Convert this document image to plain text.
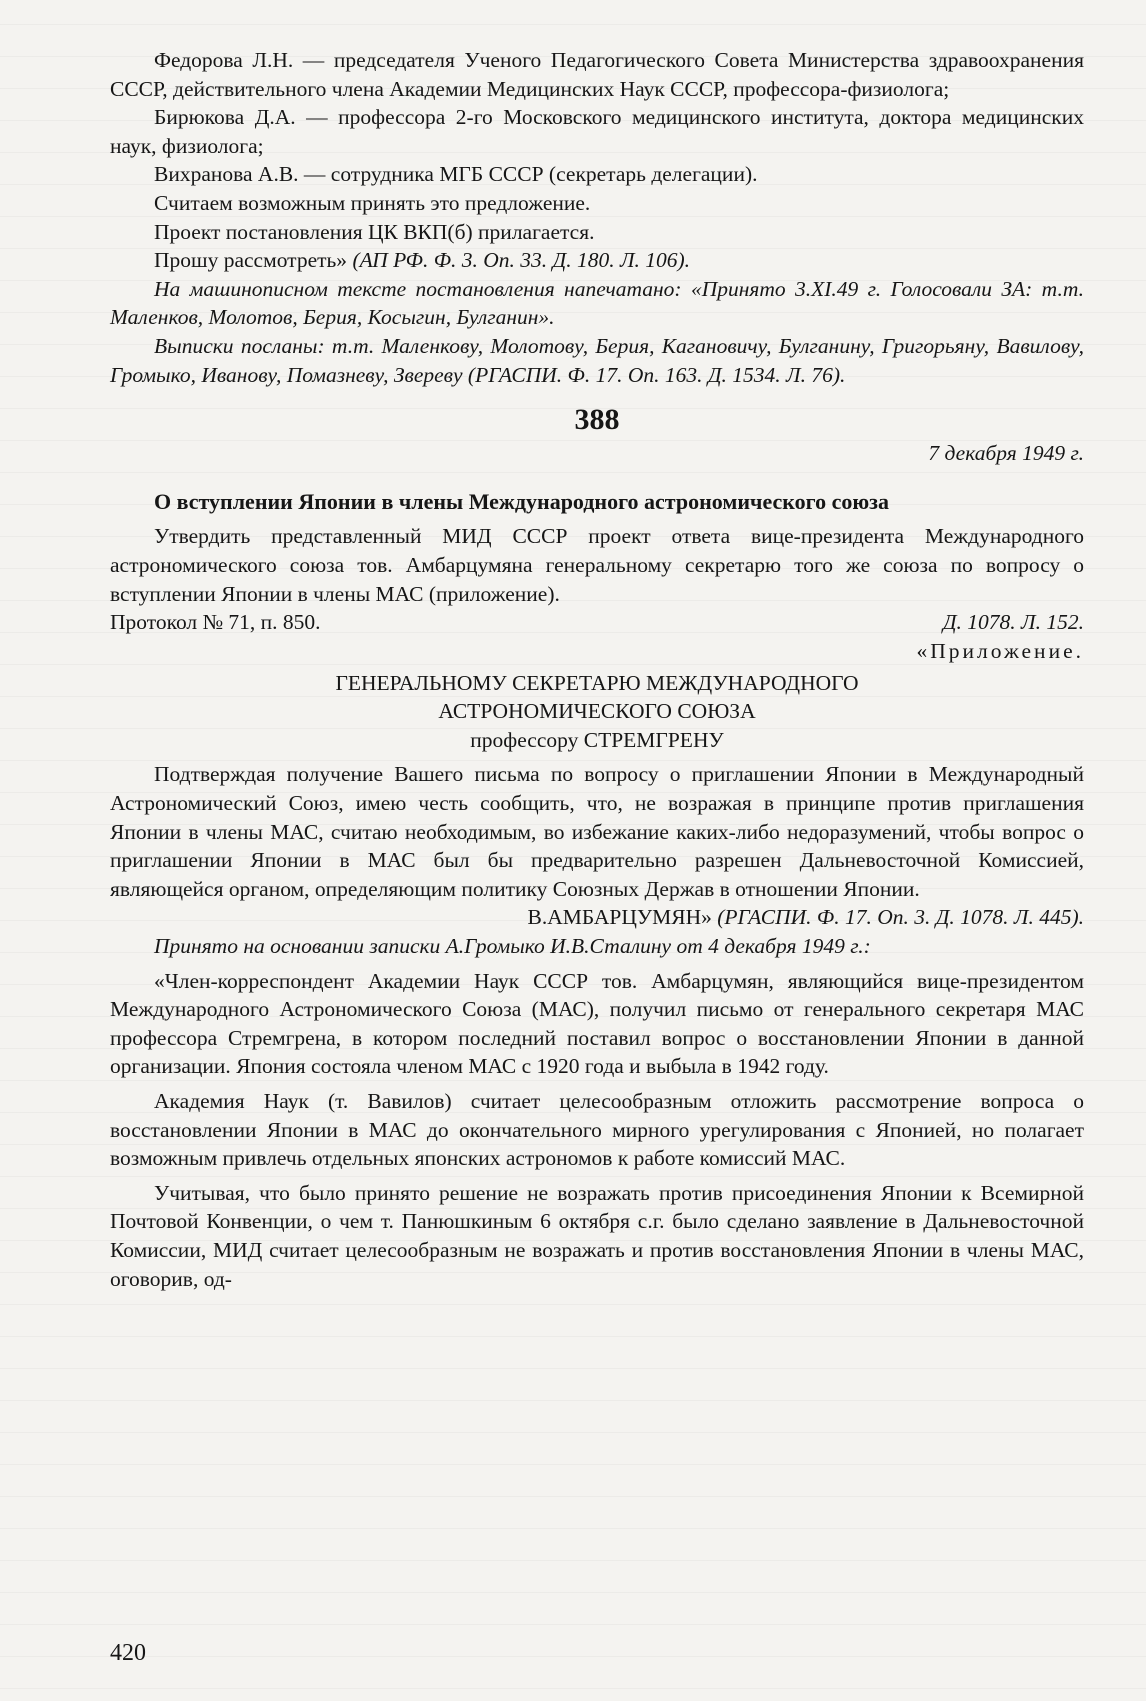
Федорова Л.Н. — председателя Ученого Педагогического Совета Министерства здравоохранения СССР, действительного члена Академии Медицинских Наук СССР, профессора-физиолога;

Бирюкова Д.А. — профессора 2-го Московского медицинского института, доктора медицинских наук, физиолога;

Вихранова А.В. — сотрудника МГБ СССР (секретарь делегации).

Считаем возможным принять это предложение.

Проект постановления ЦК ВКП(б) прилагается.

Прошу рассмотреть» (АП РФ. Ф. 3. Оп. 33. Д. 180. Л. 106).

На машинописном тексте постановления напечатано: «Принято 3.XI.49 г. Голосовали ЗА: т.т. Маленков, Молотов, Берия, Косыгин, Булганин».

Выписки посланы: т.т. Маленкову, Молотову, Берия, Кагановичу, Булганину, Григорьяну, Вавилову, Громыко, Иванову, Помазневу, Звереву (РГАСПИ. Ф. 17. Оп. 163. Д. 1534. Л. 76).

388

7 декабря 1949 г.

О вступлении Японии в члены Международного астрономического союза

Утвердить представленный МИД СССР проект ответа вице-президента Международного астрономического союза тов. Амбарцумяна генеральному секретарю того же союза по вопросу о вступлении Японии в члены МАС (приложение).

Протокол № 71, п. 850.	Д. 1078. Л. 152.

«Приложение.

ГЕНЕРАЛЬНОМУ СЕКРЕТАРЮ МЕЖДУНАРОДНОГО

АСТРОНОМИЧЕСКОГО СОЮЗА

профессору СТРЕМГРЕНУ

Подтверждая получение Вашего письма по вопросу о приглашении Японии в Международный Астрономический Союз, имею честь сообщить, что, не возражая в принципе против приглашения Японии в члены МАС, считаю необходимым, во избежание каких-либо недоразумений, чтобы вопрос о приглашении Японии в МАС был бы предварительно разрешен Дальневосточной Комиссией, являющейся органом, определяющим политику Союзных Держав в отношении Японии.

В.АМБАРЦУМЯН» (РГАСПИ. Ф. 17. Оп. 3. Д. 1078. Л. 445).

Принято на основании записки А.Громыко И.В.Сталину от 4 декабря 1949 г.:

«Член-корреспондент Академии Наук СССР тов. Амбарцумян, являющийся вице-президентом Международного Астрономического Союза (МАС), получил письмо от генерального секретаря МАС профессора Стремгрена, в котором последний поставил вопрос о восстановлении Японии в данной организации. Япония состояла членом МАС с 1920 года и выбыла в 1942 году.

Академия Наук (т. Вавилов) считает целесообразным отложить рассмотрение вопроса о восстановлении Японии в МАС до окончательного мирного урегулирования с Японией, но полагает возможным привлечь отдельных японских астрономов к работе комиссий МАС.

Учитывая, что было принято решение не возражать против присоединения Японии к Всемирной Почтовой Конвенции, о чем т. Панюшкиным 6 октября с.г. было сделано заявление в Дальневосточной Комиссии, МИД считает целесообразным не возражать и против восстановления Японии в члены МАС, оговорив, од-

420
